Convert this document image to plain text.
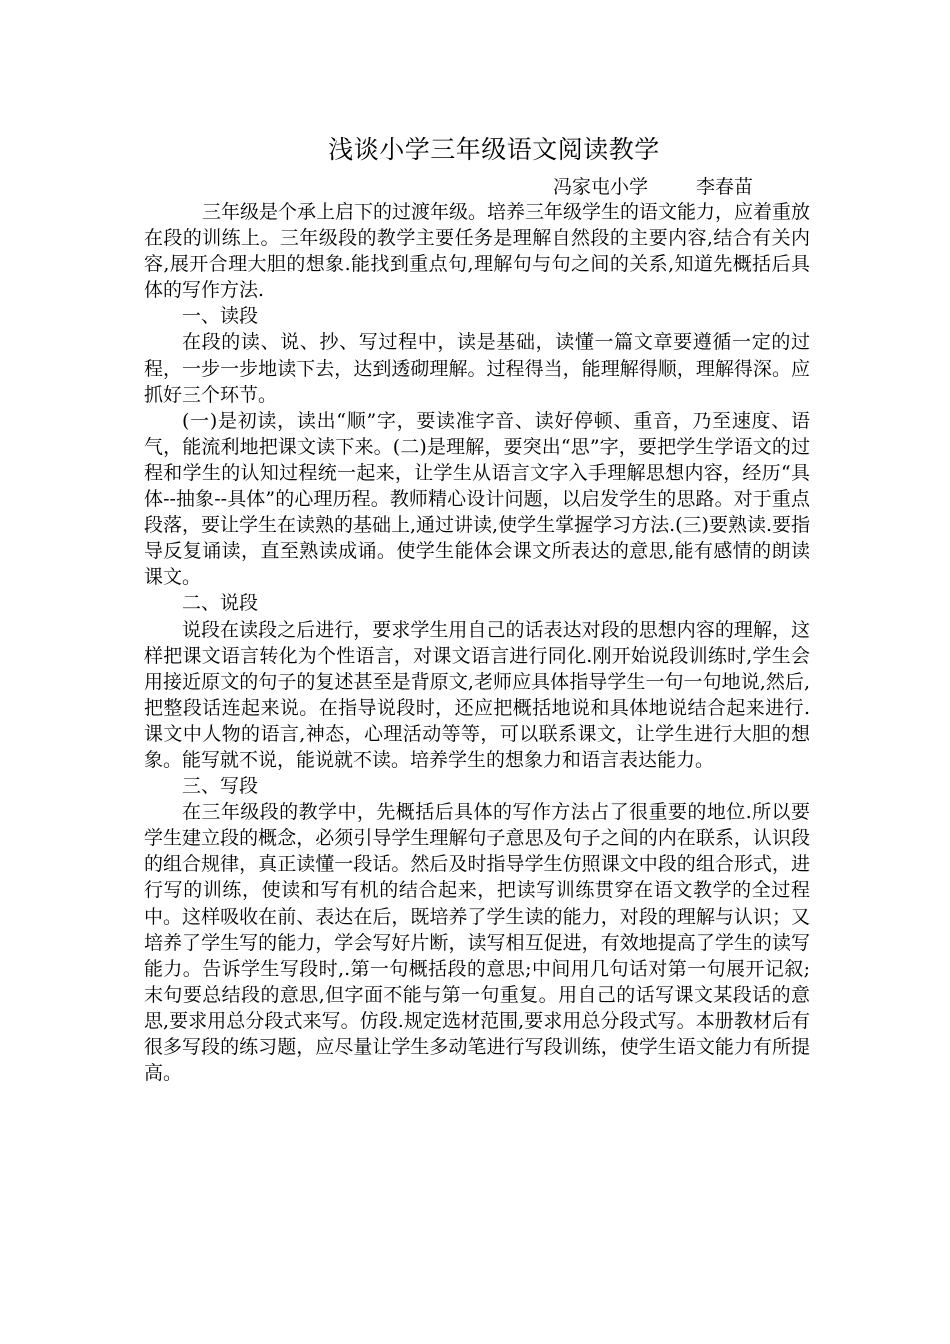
浅谈小学三年级语文阅读教学
冯家屯小学	李春苗

三年级是个承上启下的过渡年级。培养三年级学生的语文能力，应着重放在段的训练上。三年级段的教学主要任务是理解自然段的主要内容,结合有关内容,展开合理大胆的想象.能找到重点句,理解句与句之间的关系,知道先概括后具体的写作方法.

一、读段

在段的读、说、抄、写过程中，读是基础，读懂一篇文章要遵循一定的过程，一步一步地读下去，达到透砌理解。过程得当，能理解得顺，理解得深。应抓好三个环节。

(一)是初读，读出“顺”字，要读准字音、读好停顿、重音，乃至速度、语气，能流利地把课文读下来。(二)是理解，要突出“思”字，要把学生学语文的过程和学生的认知过程统一起来，让学生从语言文字入手理解思想内容，经历“具体--抽象--具体”的心理历程。教师精心设计问题，以启发学生的思路。对于重点段落，要让学生在读熟的基础上,通过讲读,使学生掌握学习方法.(三)要熟读.要指导反复诵读，直至熟读成诵。使学生能体会课文所表达的意思,能有感情的朗读课文。

二、说段

说段在读段之后进行，要求学生用自己的话表达对段的思想内容的理解，这样把课文语言转化为个性语言，对课文语言进行同化.刚开始说段训练时,学生会用接近原文的句子的复述甚至是背原文,老师应具体指导学生一句一句地说,然后,把整段话连起来说。在指导说段时，还应把概括地说和具体地说结合起来进行.课文中人物的语言,神态，心理活动等等，可以联系课文，让学生进行大胆的想象。能写就不说，能说就不读。培养学生的想象力和语言表达能力。

三、写段

在三年级段的教学中，先概括后具体的写作方法占了很重要的地位.所以要学生建立段的概念，必须引导学生理解句子意思及句子之间的内在联系，认识段的组合规律，真正读懂一段话。然后及时指导学生仿照课文中段的组合形式，进行写的训练，使读和写有机的结合起来，把读写训练贯穿在语文教学的全过程中。这样吸收在前、表达在后，既培养了学生读的能力，对段的理解与认识；又培养了学生写的能力，学会写好片断，读写相互促进，有效地提高了学生的读写能力。告诉学生写段时,.第一句概括段的意思;中间用几句话对第一句展开记叙;末句要总结段的意思,但字面不能与第一句重复。用自己的话写课文某段话的意思,要求用总分段式来写。仿段.规定选材范围,要求用总分段式写。本册教材后有很多写段的练习题，应尽量让学生多动笔进行写段训练，使学生语文能力有所提高。
